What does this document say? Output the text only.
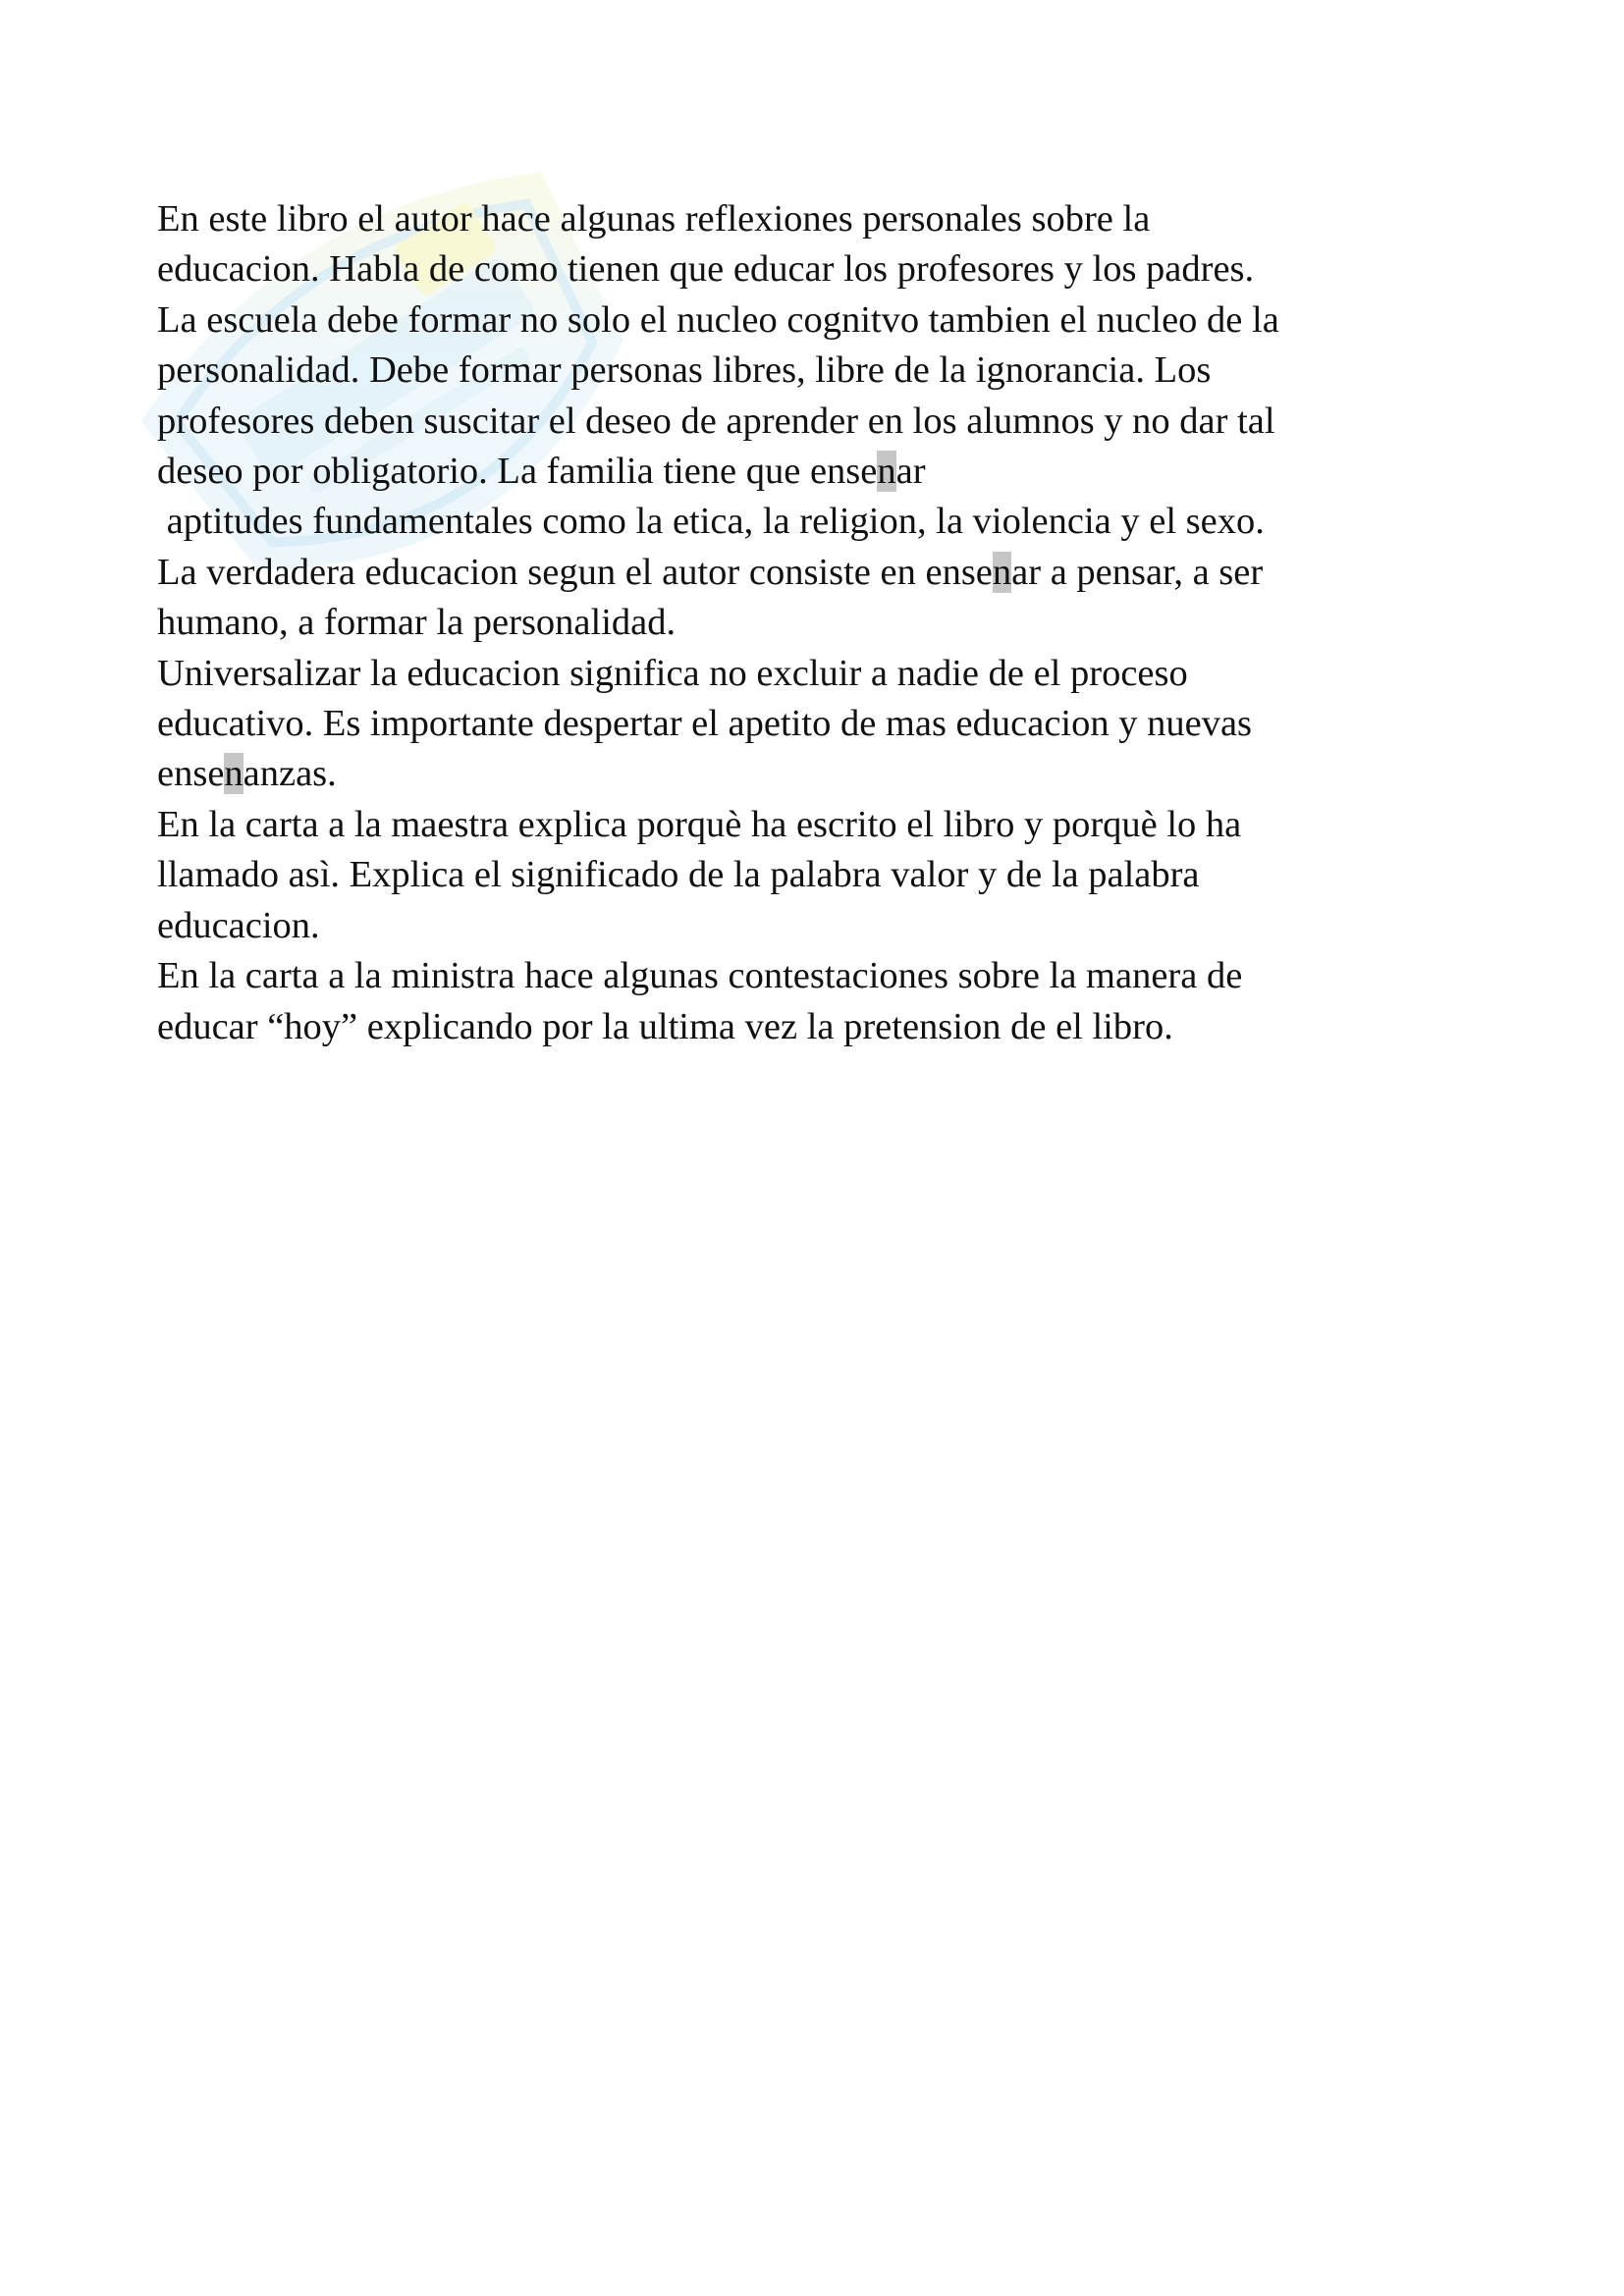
En este libro el autor hace algunas reflexiones personales sobre la
educacion. Habla de como tienen que educar los profesores y los padres.
La escuela debe formar no solo el nucleo cognitvo tambien el nucleo de la
personalidad. Debe formar personas libres, libre de la ignorancia. Los
profesores deben suscitar el deseo de aprender en los alumnos y no dar tal
deseo por obligatorio. La familia tiene que ensenar
aptitudes fundamentales como la etica, la religion, la violencia y el sexo.
La verdadera educacion segun el autor consiste en ensenar a pensar, a ser
humano, a formar la personalidad.
Universalizar la educacion significa no excluir a nadie de el proceso
educativo. Es importante despertar el apetito de mas educacion y nuevas
ensenanzas.
En la carta a la maestra explica porquè ha escrito el libro y porquè lo ha
llamado asì. Explica el significado de la palabra valor y de la palabra
educacion.
En la carta a la ministra hace algunas contestaciones sobre la manera de
educar “hoy” explicando por la ultima vez la pretension de el libro.
